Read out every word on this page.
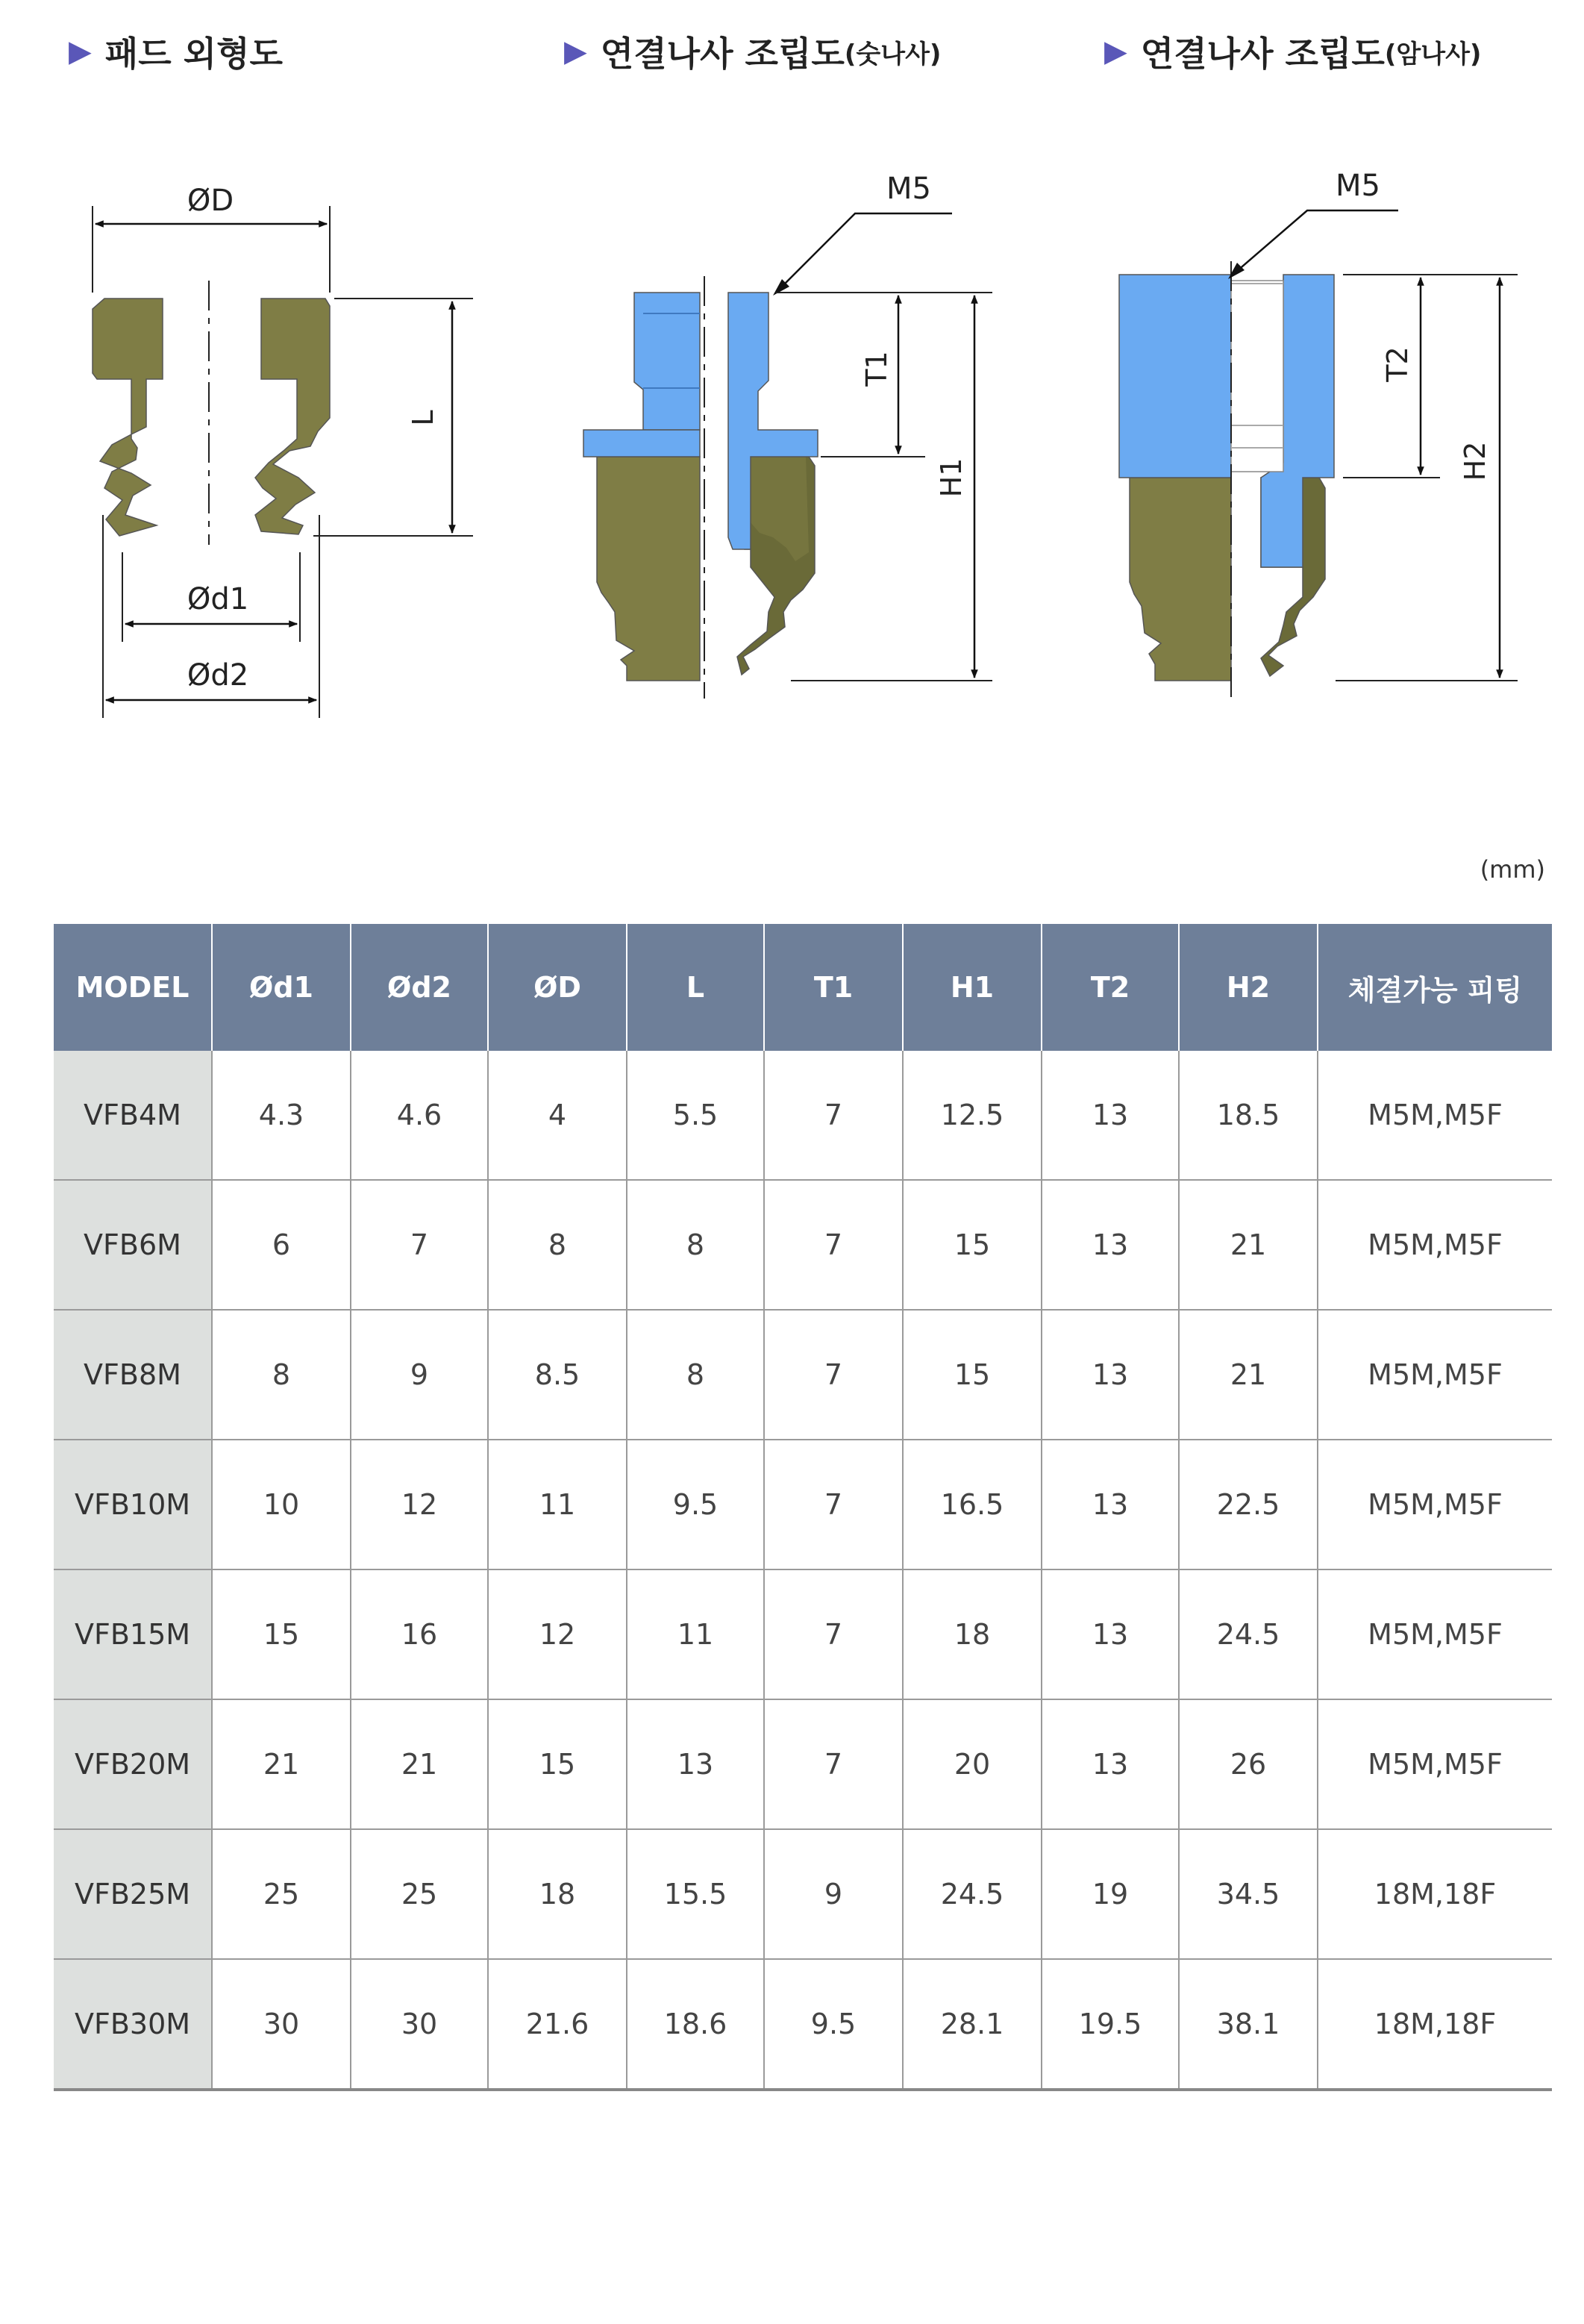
▶ 패드 외형도	▶ 연결나사 조립도 (숫나사)	▶ 연결나사 조립도 (암나사)
ØD
L
Ød1
Ød2
M5
T1
H1
M5
T2
H2
(mm)
MODEL	Ød1	Ød2	ØD	L	T1	H1	T2	H2	체결가능 피팅
VFB4M	4.3	4.6	4	5.5	7	12.5	13	18.5	M5M,M5F
VFB6M	6	7	8	8	7	15	13	21	M5M,M5F
VFB8M	8	9	8.5	8	7	15	13	21	M5M,M5F
VFB10M	10	12	11	9.5	7	16.5	13	22.5	M5M,M5F
VFB15M	15	16	12	11	7	18	13	24.5	M5M,M5F
VFB20M	21	21	15	13	7	20	13	26	M5M,M5F
VFB25M	25	25	18	15.5	9	24.5	19	34.5	18M,18F
VFB30M	30	30	21.6	18.6	9.5	28.1	19.5	38.1	18M,18F
